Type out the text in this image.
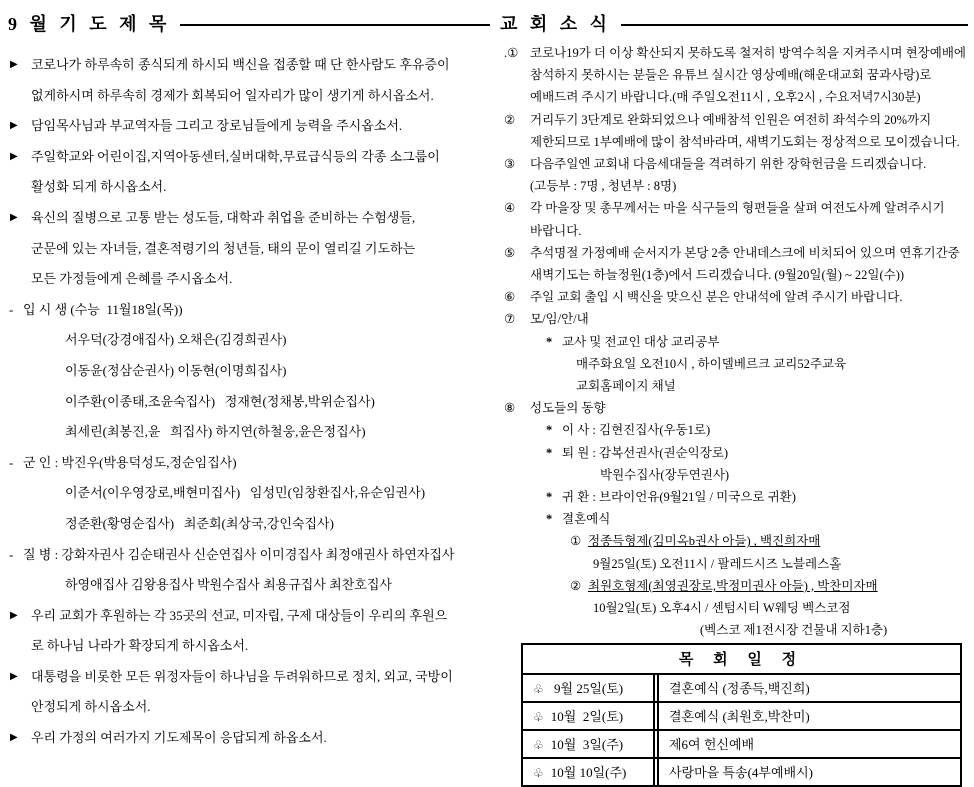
9 월 기 도 제 목
▶ 코로나가 하루속히 종식되게 하시되 백신을 접종할 때 단 한사람도 후유증이
없게하시며 하루속히 경제가 회복되어 일자리가 많이 생기게 하시옵소서.
▶ 담임목사님과 부교역자들 그리고 장로님들에게 능력을 주시옵소서.
▶ 주일학교와 어린이집,지역아동센터,실버대학,무료급식등의 각종 소그룹이
활성화 되게 하시옵소서.
▶ 육신의 질병으로 고통 받는 성도들, 대학과 취업을 준비하는 수험생들,
군문에 있는 자녀들, 결혼적령기의 청년들, 태의 문이 열리길 기도하는
모든 가정들에게 은혜를 주시옵소서.
- 입 시 생 (수능  11월18일(목))
서우덕(강경애집사) 오채은(김경희권사)
이동윤(정삼순권사) 이동현(이명희집사)
이주환(이종태,조윤숙집사)   정재현(정채봉,박위순집사)
최세린(최봉진,윤   희집사) 하지연(하철웅,윤은정집사)
- 군 인 : 박진우(박용덕성도,정순임집사)
이준서(이우영장로,배현미집사)   임성민(임창환집사,유순임권사)
정준환(황영순집사)   최준회(최상국,강인숙집사)
- 질 병 : 강화자권사 김순태권사 신순연집사 이미경집사 최정애권사 하연자집사
하영애집사 김왕용집사 박원수집사 최용규집사 최찬호집사
▶ 우리 교회가 후원하는 각 35곳의 선교, 미자립, 구제 대상들이 우리의 후원으
로 하나님 나라가 확장되게 하시옵소서.
▶ 대통령을 비롯한 모든 위정자들이 하나님을 두려워하므로 정치, 외교, 국방이
안정되게 하시옵소서.
▶ 우리 가정의 여러가지 기도제목이 응답되게 하옵소서.
교 회 소 식
.① 코로나19가 더 이상 확산되지 못하도록 철저히 방역수칙을 지켜주시며 현장예배에
참석하지 못하시는 분들은 유튜브 실시간 영상예배(해운대교회 꿈과사랑)로
예배드려 주시기 바랍니다.(매 주일오전11시 , 오후2시 , 수요저녁7시30분)
② 거리두기 3단계로 완화되었으나 예배참석 인원은 여전히 좌석수의 20%까지
제한되므로 1부예배에 많이 참석바라며, 새벽기도회는 정상적으로 모이겠습니다.
③ 다음주일엔 교회내 다음세대들을 격려하기 위한 장학헌금을 드리겠습니다.
(고등부 : 7명 , 청년부 : 8명)
④ 각 마을장 및 총무께서는 마을 식구들의 형편들을 살펴 여전도사께 알려주시기
바랍니다.
⑤ 추석명절 가정예배 순서지가 본당 2층 안내데스크에 비치되어 있으며 연휴기간중
새벽기도는 하늘정원(1층)에서 드리겠습니다. (9월20일(월) ~ 22일(수))
⑥ 주일 교회 출입 시 백신을 맞으신 분은 안내석에 알려 주시기 바랍니다.
⑦ 모/임/안/내
* 교사 및 전교인 대상 교리공부
매주화요일 오전10시 , 하이델베르크 교리52주교육
교회홈페이지 채널
⑧ 성도들의 동향
* 이 사 : 김현진집사(우동1로)
* 퇴 원 : 감복선권사(권순익장로)
박원수집사(장두연권사)
* 귀 환 : 브라이언유(9월21일 / 미국으로 귀환)
* 결혼예식
① 정종득형제(김미옥b권사 아들) , 백진희자매
9월25일(토) 오전11시 / 팔레드시즈 노블레스홀
② 최원호형제(최영권장로,박정미권사 아들) , 박찬미자매
10월2일(토) 오후4시 / 센텀시티 W웨딩 벡스코점
(벡스코 제1전시장 건물내 지하1층)
목 회 일 정
♧ 9월 25일(토)	결혼예식 (정종득,백진희)
♧ 10월  2일(토)	결혼예식 (최원호,박찬미)
♧ 10월  3일(주)	제6여 헌신예배
♧ 10월 10일(주)	사랑마을 특송(4부예배시)
